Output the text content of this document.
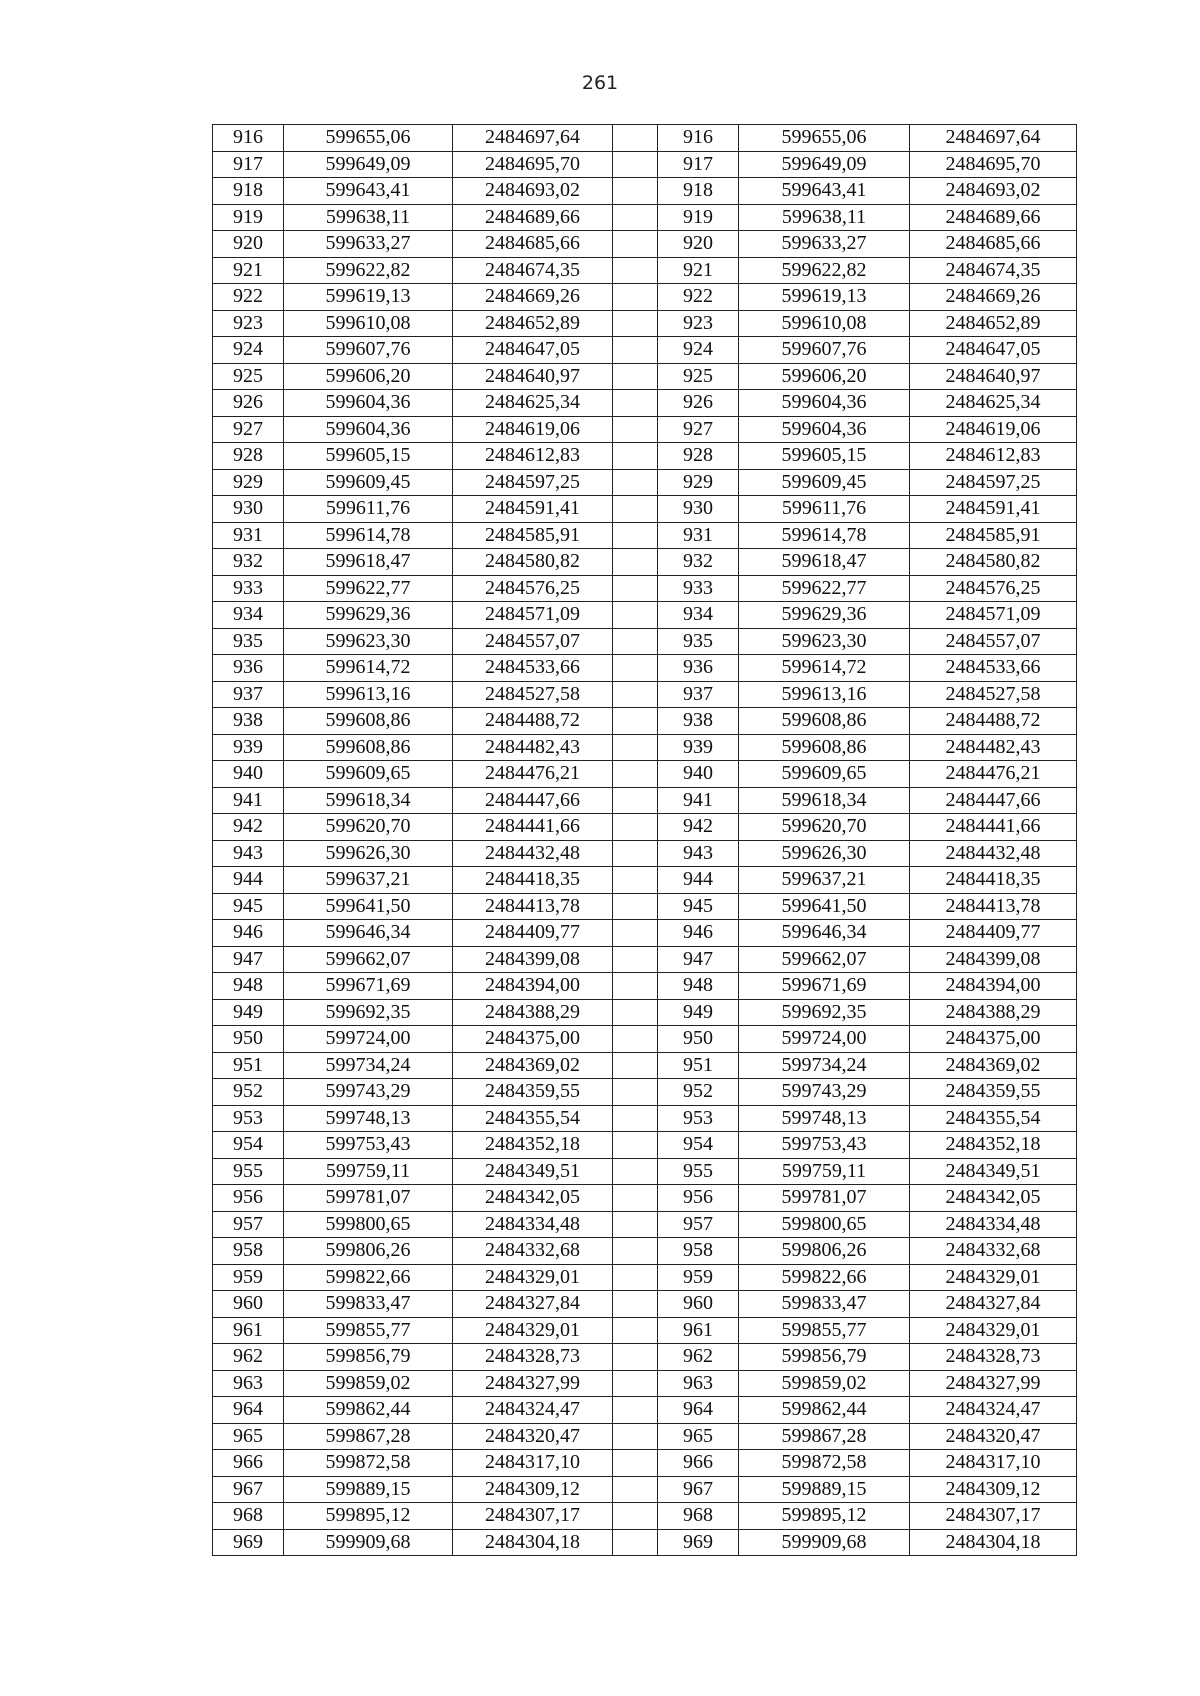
261
916	599655,06	2484697,64		916	599655,06	2484697,64
917	599649,09	2484695,70		917	599649,09	2484695,70
918	599643,41	2484693,02		918	599643,41	2484693,02
919	599638,11	2484689,66		919	599638,11	2484689,66
920	599633,27	2484685,66		920	599633,27	2484685,66
921	599622,82	2484674,35		921	599622,82	2484674,35
922	599619,13	2484669,26		922	599619,13	2484669,26
923	599610,08	2484652,89		923	599610,08	2484652,89
924	599607,76	2484647,05		924	599607,76	2484647,05
925	599606,20	2484640,97		925	599606,20	2484640,97
926	599604,36	2484625,34		926	599604,36	2484625,34
927	599604,36	2484619,06		927	599604,36	2484619,06
928	599605,15	2484612,83		928	599605,15	2484612,83
929	599609,45	2484597,25		929	599609,45	2484597,25
930	599611,76	2484591,41		930	599611,76	2484591,41
931	599614,78	2484585,91		931	599614,78	2484585,91
932	599618,47	2484580,82		932	599618,47	2484580,82
933	599622,77	2484576,25		933	599622,77	2484576,25
934	599629,36	2484571,09		934	599629,36	2484571,09
935	599623,30	2484557,07		935	599623,30	2484557,07
936	599614,72	2484533,66		936	599614,72	2484533,66
937	599613,16	2484527,58		937	599613,16	2484527,58
938	599608,86	2484488,72		938	599608,86	2484488,72
939	599608,86	2484482,43		939	599608,86	2484482,43
940	599609,65	2484476,21		940	599609,65	2484476,21
941	599618,34	2484447,66		941	599618,34	2484447,66
942	599620,70	2484441,66		942	599620,70	2484441,66
943	599626,30	2484432,48		943	599626,30	2484432,48
944	599637,21	2484418,35		944	599637,21	2484418,35
945	599641,50	2484413,78		945	599641,50	2484413,78
946	599646,34	2484409,77		946	599646,34	2484409,77
947	599662,07	2484399,08		947	599662,07	2484399,08
948	599671,69	2484394,00		948	599671,69	2484394,00
949	599692,35	2484388,29		949	599692,35	2484388,29
950	599724,00	2484375,00		950	599724,00	2484375,00
951	599734,24	2484369,02		951	599734,24	2484369,02
952	599743,29	2484359,55		952	599743,29	2484359,55
953	599748,13	2484355,54		953	599748,13	2484355,54
954	599753,43	2484352,18		954	599753,43	2484352,18
955	599759,11	2484349,51		955	599759,11	2484349,51
956	599781,07	2484342,05		956	599781,07	2484342,05
957	599800,65	2484334,48		957	599800,65	2484334,48
958	599806,26	2484332,68		958	599806,26	2484332,68
959	599822,66	2484329,01		959	599822,66	2484329,01
960	599833,47	2484327,84		960	599833,47	2484327,84
961	599855,77	2484329,01		961	599855,77	2484329,01
962	599856,79	2484328,73		962	599856,79	2484328,73
963	599859,02	2484327,99		963	599859,02	2484327,99
964	599862,44	2484324,47		964	599862,44	2484324,47
965	599867,28	2484320,47		965	599867,28	2484320,47
966	599872,58	2484317,10		966	599872,58	2484317,10
967	599889,15	2484309,12		967	599889,15	2484309,12
968	599895,12	2484307,17		968	599895,12	2484307,17
969	599909,68	2484304,18		969	599909,68	2484304,18
